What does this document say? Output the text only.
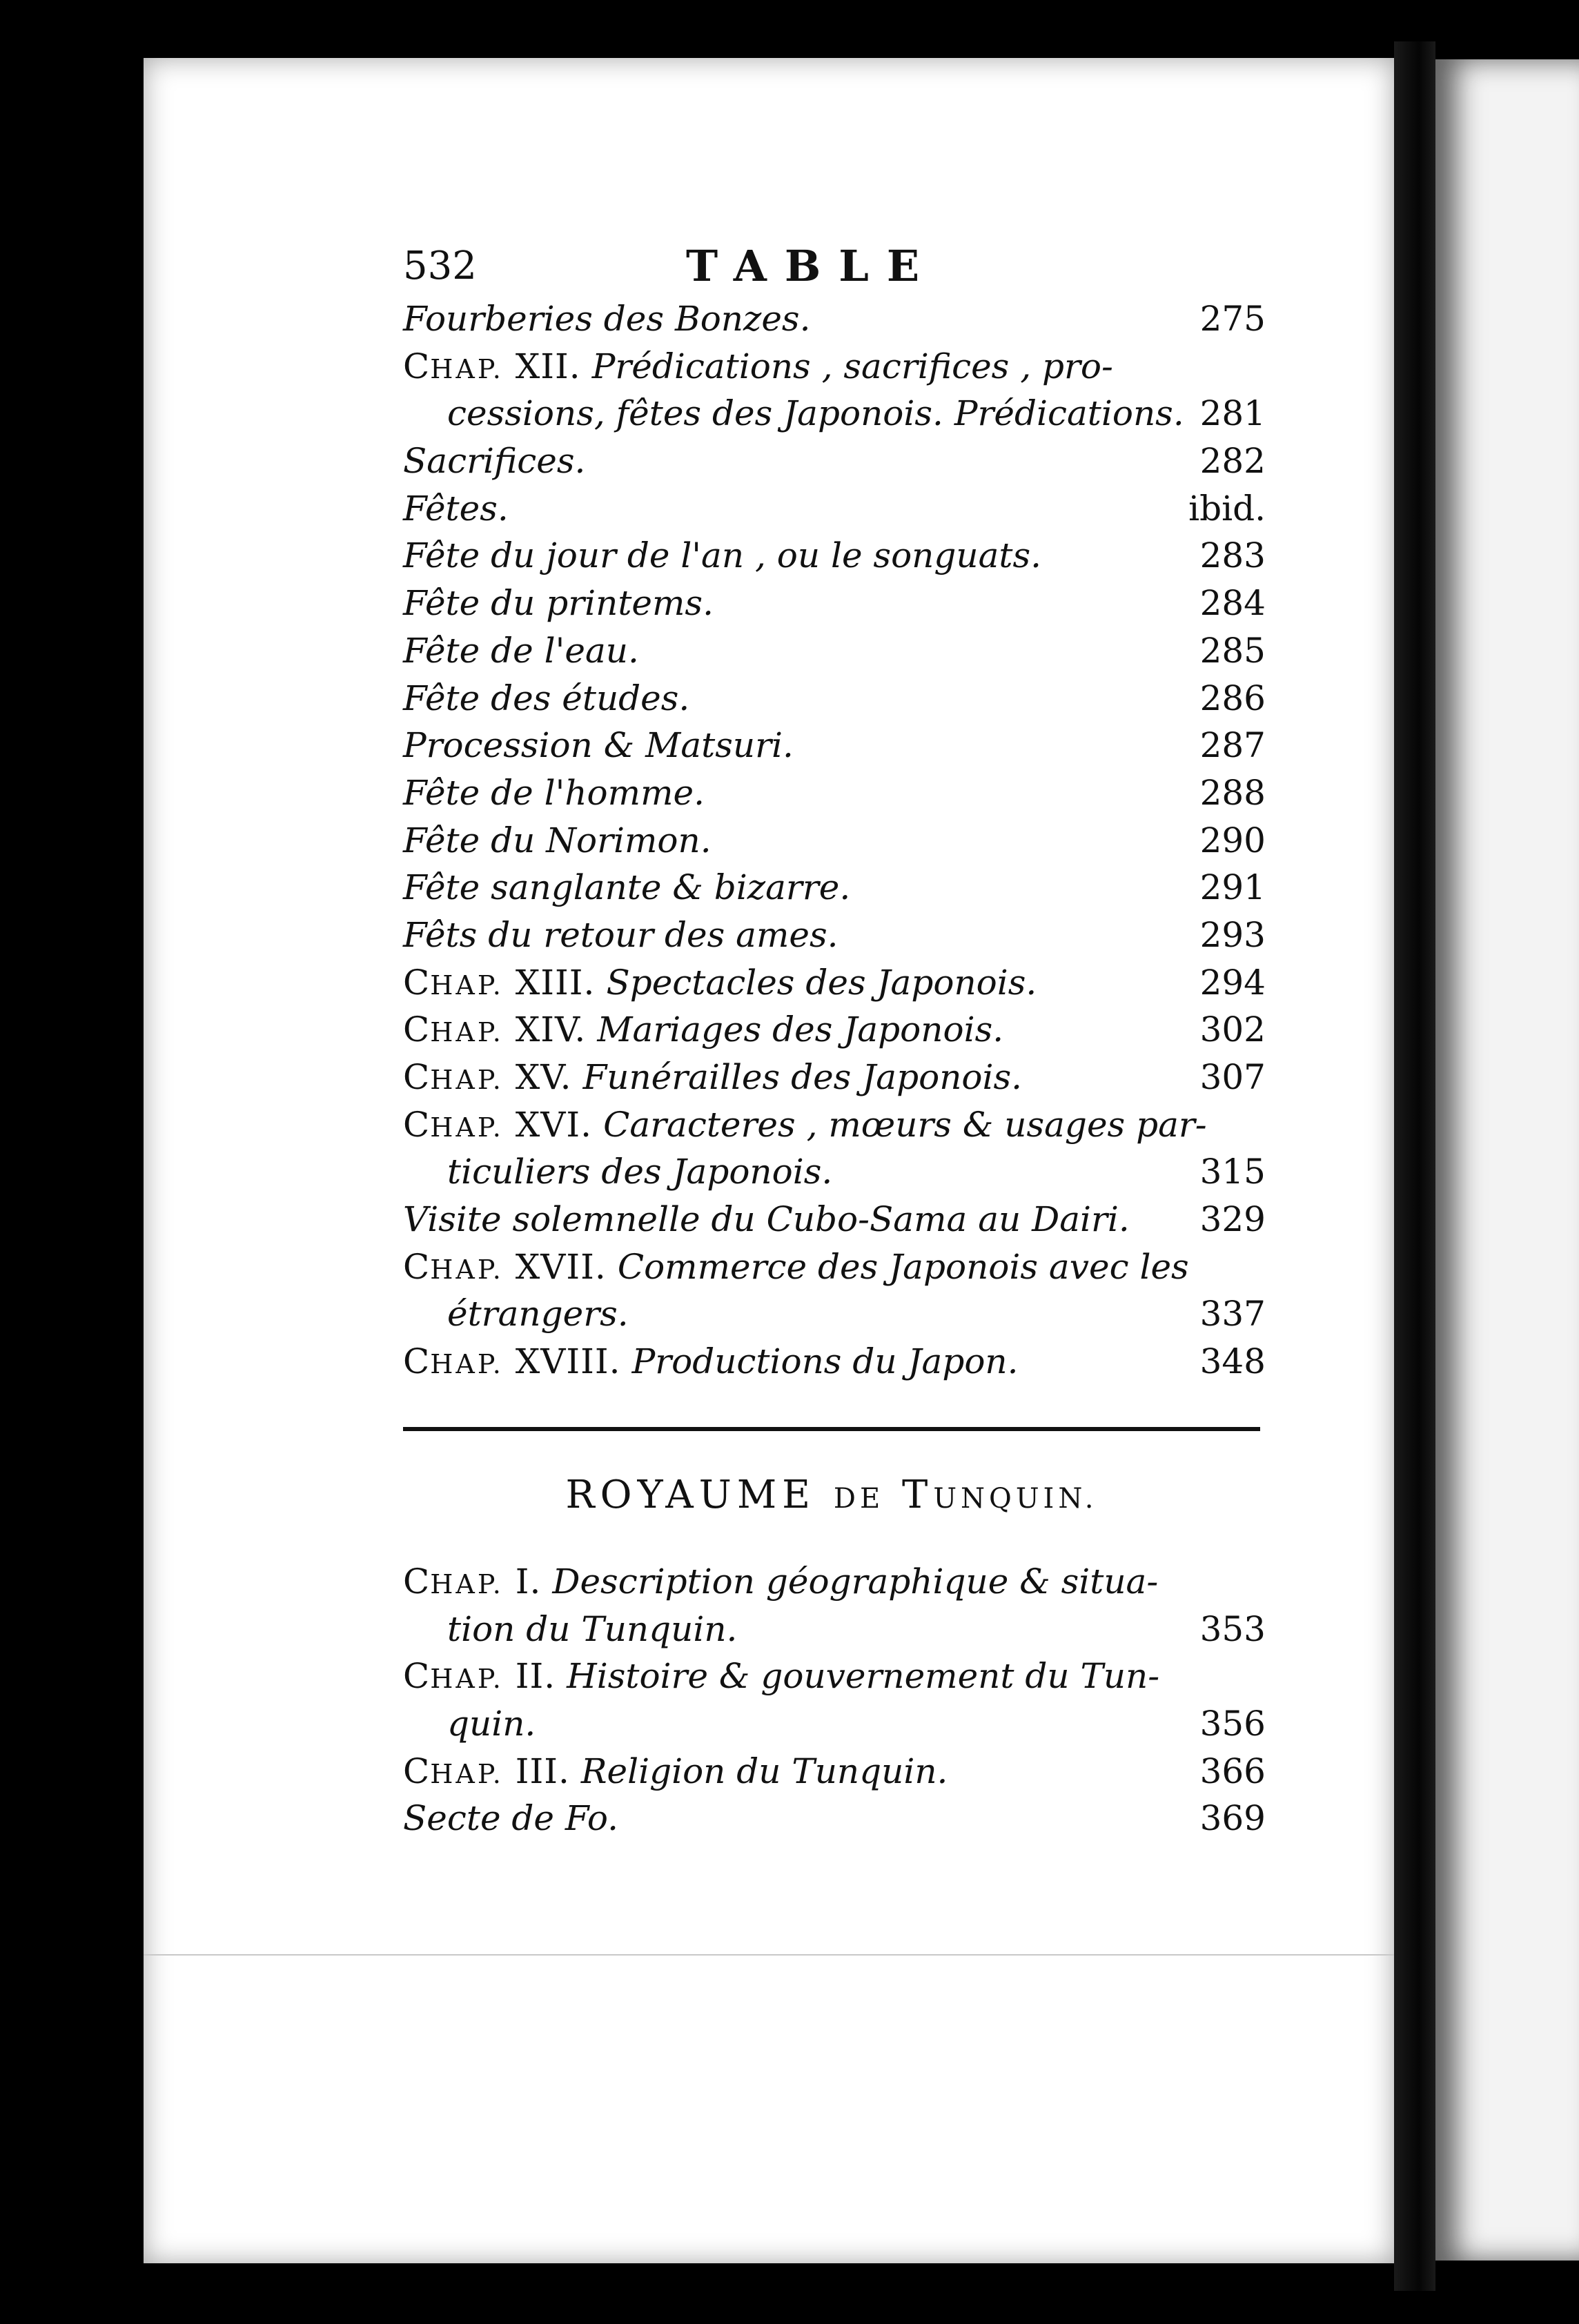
532	TABLE
Fourberies des Bonzes.	275
CHAP. XII. Prédications , sacrifices , pro-
cessions, fêtes des Japonois. Prédications. 281
Sacrifices.	282
Fêtes.	ibid.
Fête du jour de l'an , ou le songuats.	283
Fête du printems.	284
Fête de l'eau.	285
Fête des études.	286
Procession & Matsuri.	287
Fête de l'homme.	288
Fête du Norimon.	290
Fête sanglante & bizarre.	291
Fêts du retour des ames.	293
CHAP. XIII. Spectacles des Japonois.	294
CHAP. XIV. Mariages des Japonois.	302
CHAP. XV. Funérailles des Japonois.	307
CHAP. XVI. Caracteres , mœurs & usages par-
ticuliers des Japonois.	315
Visite solemnelle du Cubo-Sama au Dairi. 329
CHAP. XVII. Commerce des Japonois avec les
étrangers.	337
CHAP. XVIII. Productions du Japon.	348
ROYAUME DE TUNQUIN.
CHAP. I. Description géographique & situa-
tion du Tunquin.	353
CHAP. II. Histoire & gouvernement du Tun-
quin.	356
CHAP. III. Religion du Tunquin.	366
Secte de Fo.	369
